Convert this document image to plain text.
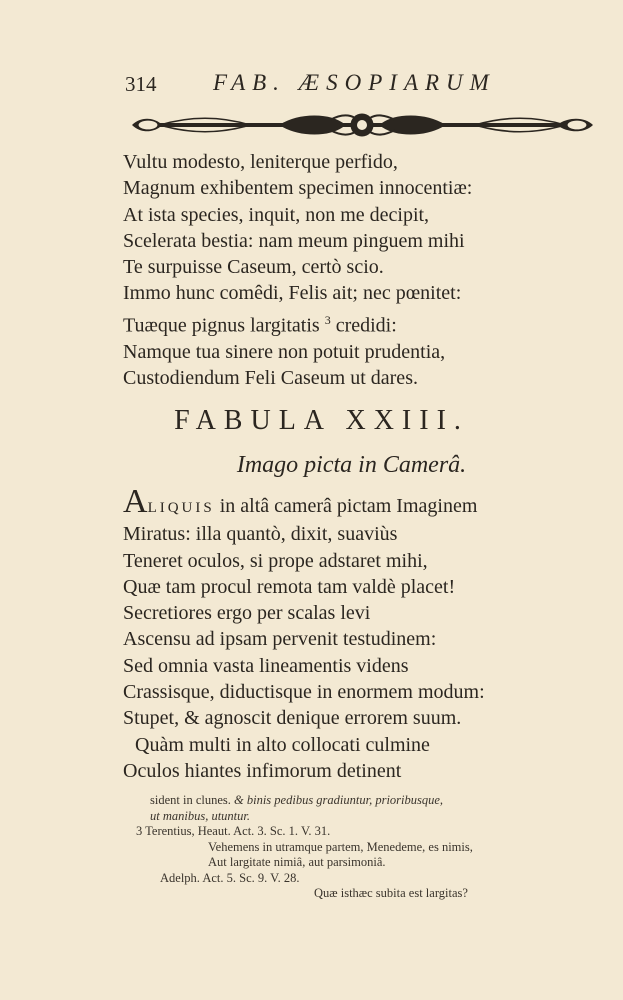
314 FAB. ÆSOPIARUM
Vultu modesto, leniterque perfido,
Magnum exhibentem specimen innocentiæ:
At ista species, inquit, non me decipit,
Scelerata bestia: nam meum pinguem mihi
Te surpuisse Caseum, certò scio.
Immo hunc comêdi, Felis ait; nec pœnitet:
Tuæque pignus largitatis $^3$ credidi:
Namque tua sinere non potuit prudentia,
Custodiendum Feli Caseum ut dares.
FABULA XXIII.
Imago picta in Camerâ.
ALIQUIS in altâ camerâ pictam Imaginem
Miratus: illa quantò, dixit, suaviùs
Teneret oculos, si prope adstaret mihi,
Quæ tam procul remota tam valdè placet!
Secretiores ergo per scalas levi
Ascensu ad ipsam pervenit testudinem:
Sed omnia vasta lineamentis videns
Crassisque, diductisque in enormem modum:
Stupet, & agnoscit denique errorem suum.
Quàm multi in alto collocati culmine
Oculos hiantes infimorum detinent
sident in clunes. & binis pedibus gradiuntur, prioribusque,
ut manibus, utuntur.
3 Terentius, Heaut. Act. 3. Sc. 1. V. 31.
Vehemens in utramque partem, Menedeme, es nimis,
Aut largitate nimiâ, aut parsimoniâ.
Adelph. Act. 5. Sc. 9. V. 28.
Quæ isthæc subita est largitas?
